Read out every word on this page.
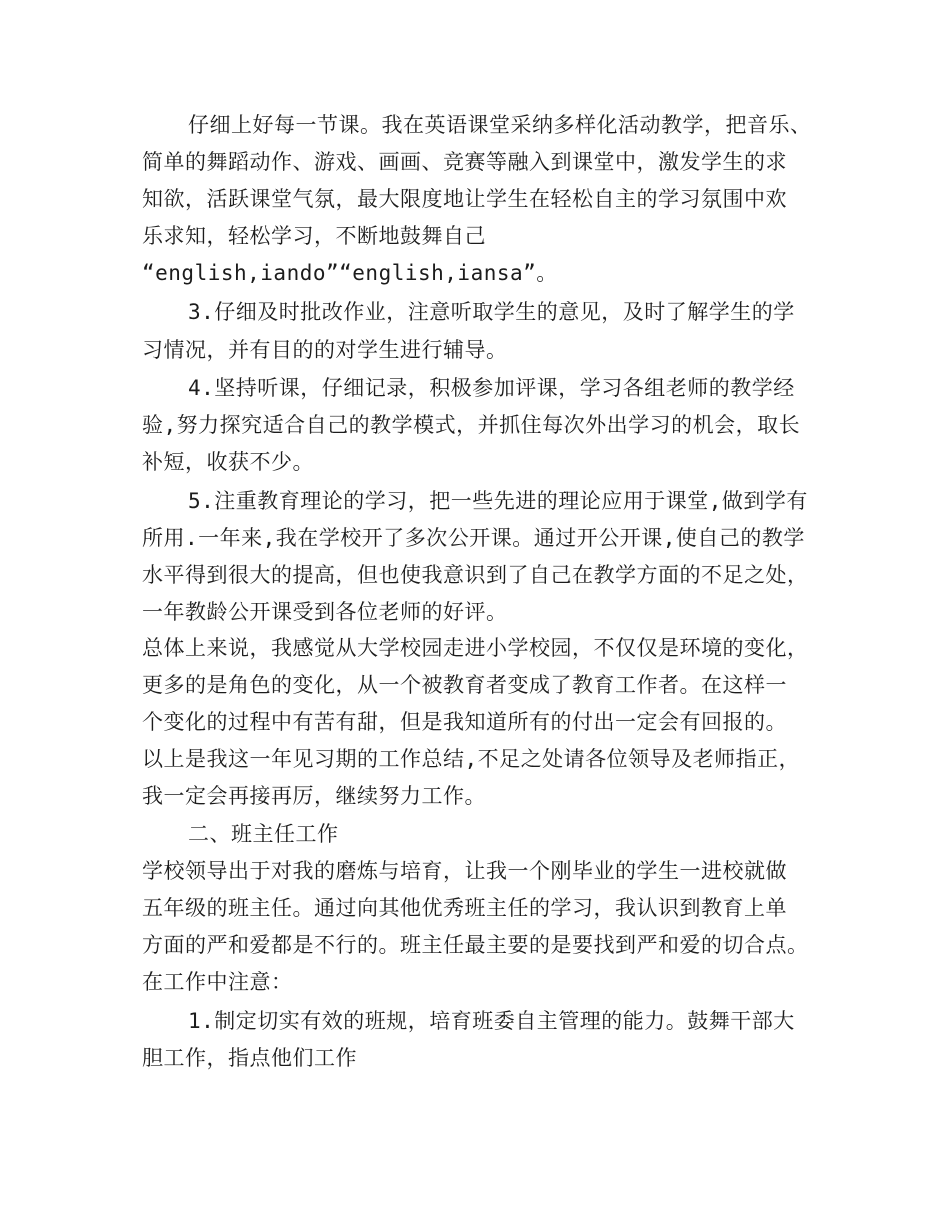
仔细上好每一节课。我在英语课堂采纳多样化活动教学，把音乐、

简单的舞蹈动作、游戏、画画、竞赛等融入到课堂中，激发学生的求

知欲，活跃课堂气氛，最大限度地让学生在轻松自主的学习氛围中欢

乐求知，轻松学习，不断地鼓舞自己

“english,iando”“english,iansa”。

3.仔细及时批改作业，注意听取学生的意见，及时了解学生的学

习情况，并有目的的对学生进行辅导。

4.坚持听课，仔细记录，积极参加评课，学习各组老师的教学经

验,努力探究适合自己的教学模式，并抓住每次外出学习的机会，取长

补短，收获不少。

5.注重教育理论的学习，把一些先进的理论应用于课堂,做到学有

所用.一年来,我在学校开了多次公开课。通过开公开课,使自己的教学

水平得到很大的提高，但也使我意识到了自己在教学方面的不足之处，

一年教龄公开课受到各位老师的好评。

总体上来说，我感觉从大学校园走进小学校园，不仅仅是环境的变化，

更多的是角色的变化，从一个被教育者变成了教育工作者。在这样一

个变化的过程中有苦有甜，但是我知道所有的付出一定会有回报的。

以上是我这一年见习期的工作总结,不足之处请各位领导及老师指正，

我一定会再接再厉，继续努力工作。

二、班主任工作

学校领导出于对我的磨炼与培育，让我一个刚毕业的学生一进校就做

五年级的班主任。通过向其他优秀班主任的学习，我认识到教育上单

方面的严和爱都是不行的。班主任最主要的是要找到严和爱的切合点。

在工作中注意：

1.制定切实有效的班规，培育班委自主管理的能力。鼓舞干部大

胆工作，指点他们工作
